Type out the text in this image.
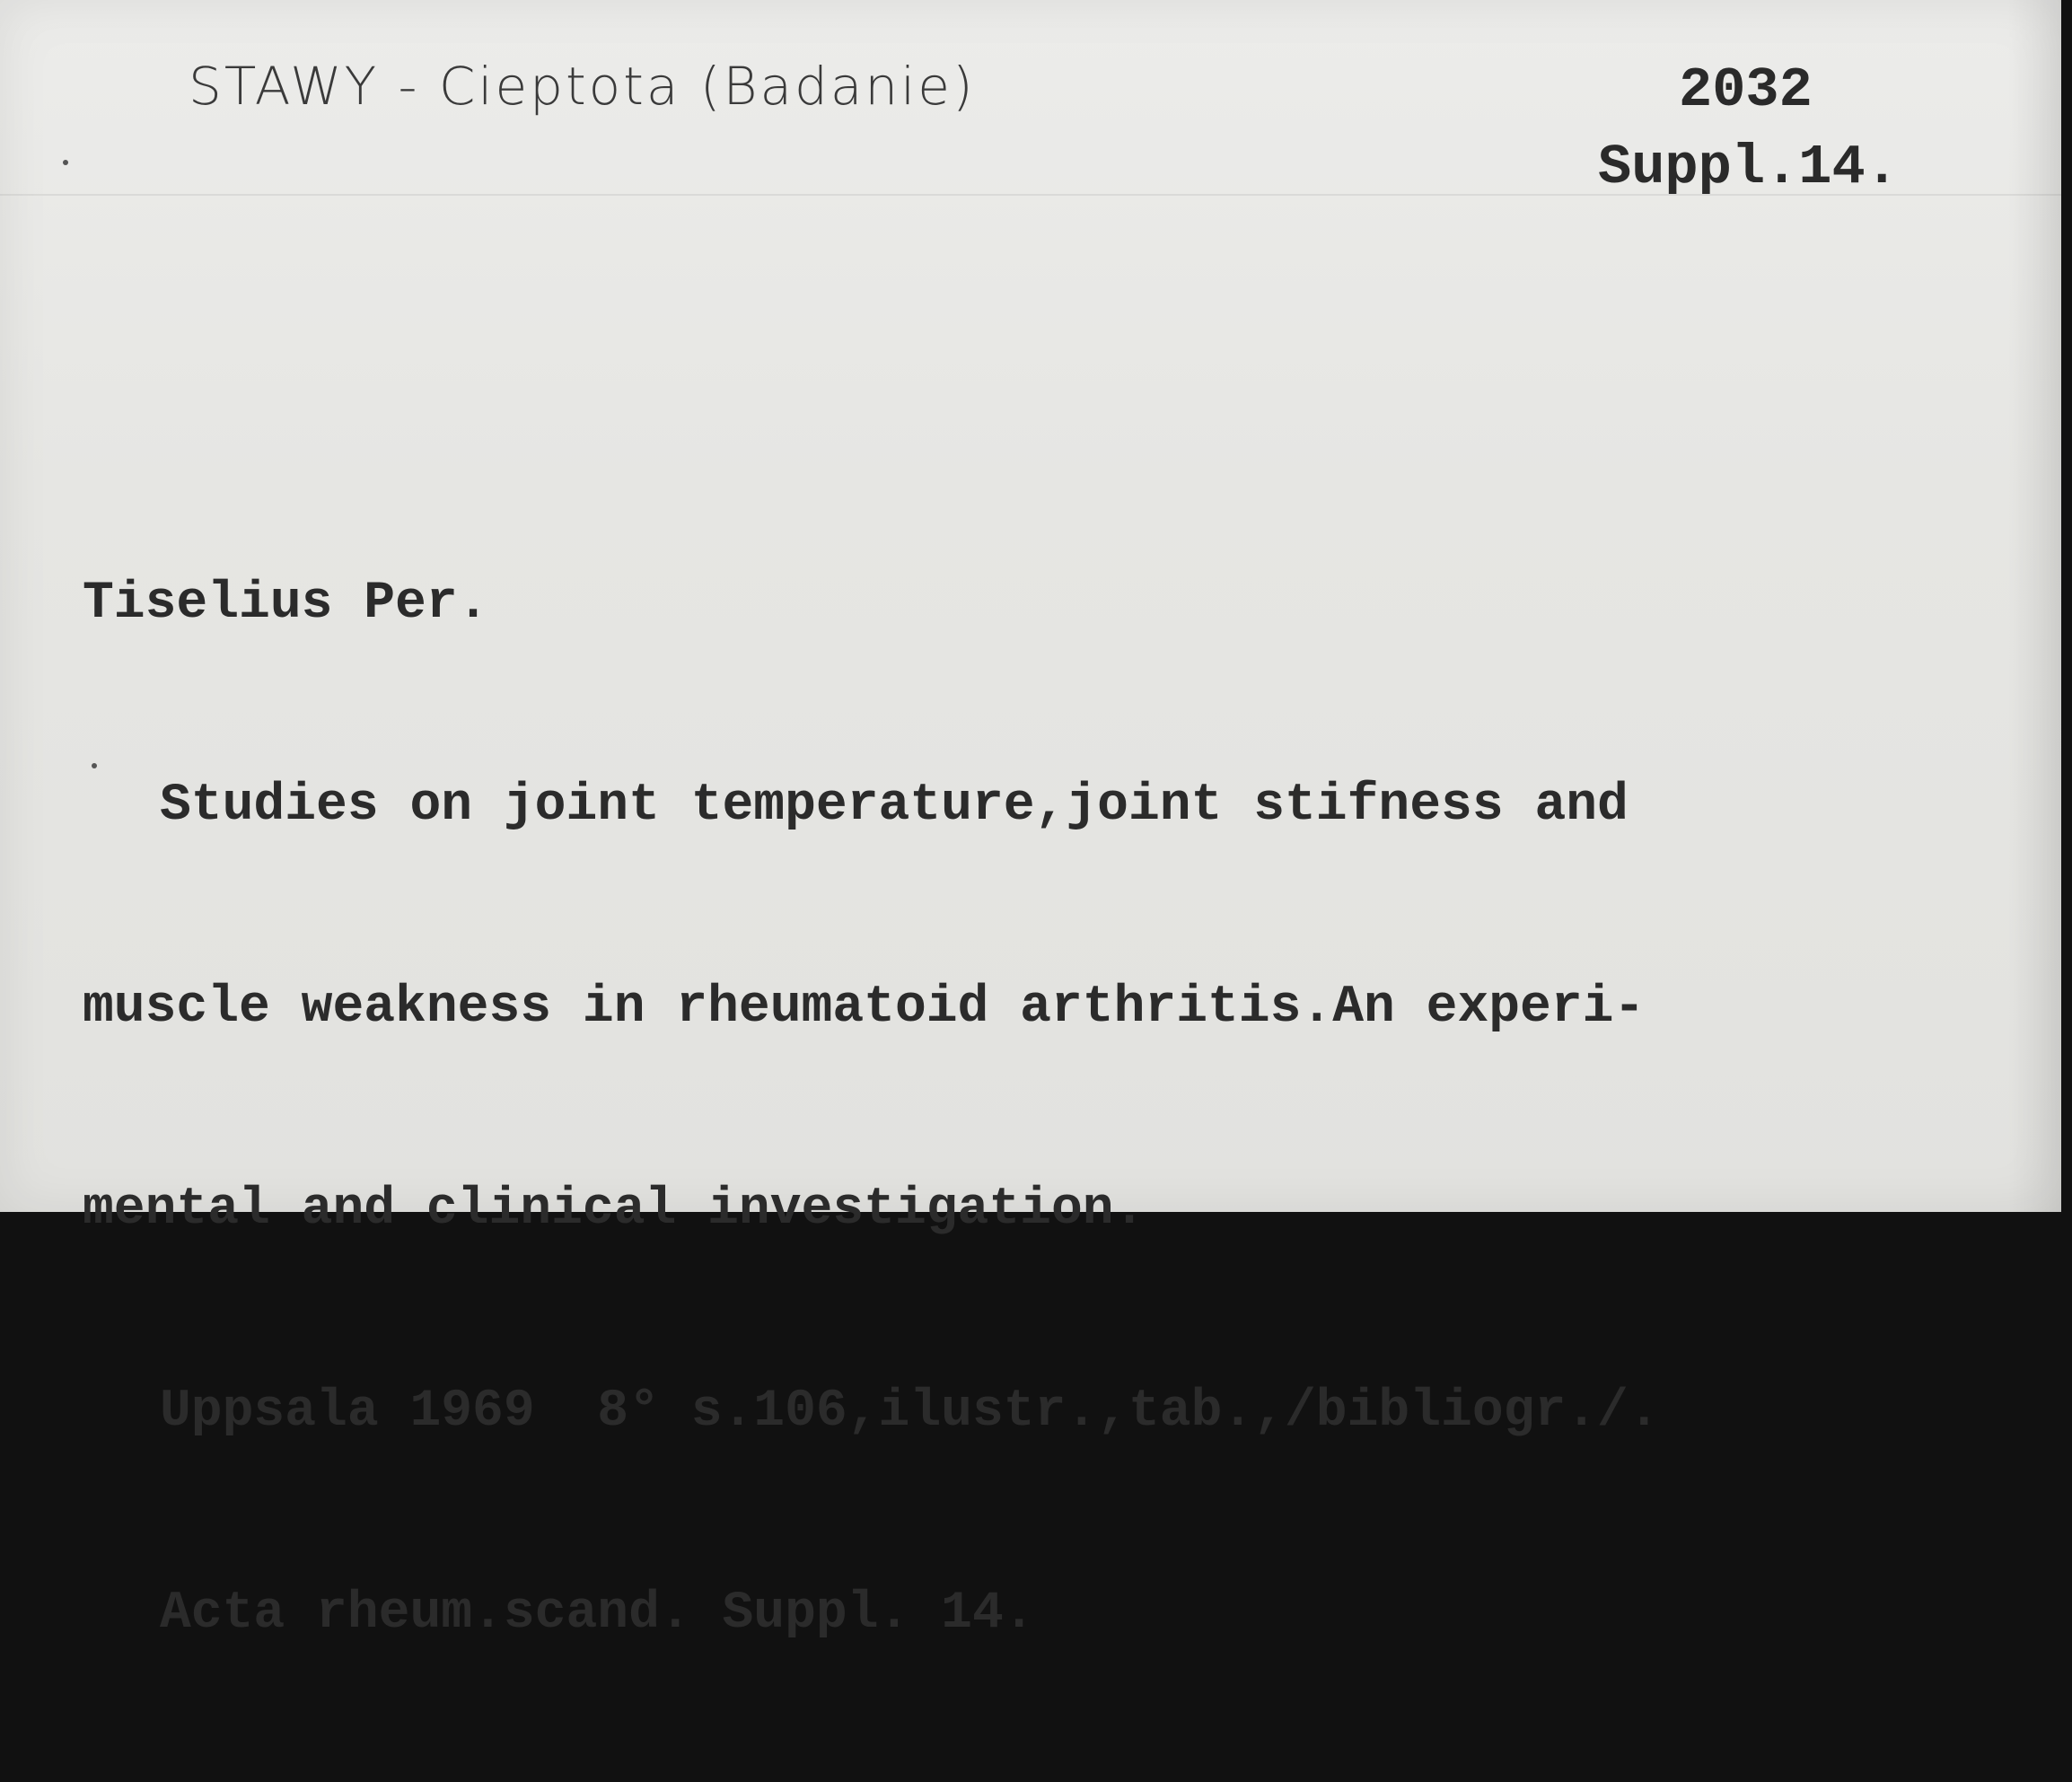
STAWY - Cieptota (Badanie)	2032
Suppl.14.

Tiselius Per.

Studies on joint temperature,joint stifness and

muscle weakness in rheumatoid arthritis.An experi-

mental and clinical investigation.

Uppsala 1969  8° s.106,ilustr.,tab.,/bibliogr./.

Acta rheum.scand. Suppl. 14.
